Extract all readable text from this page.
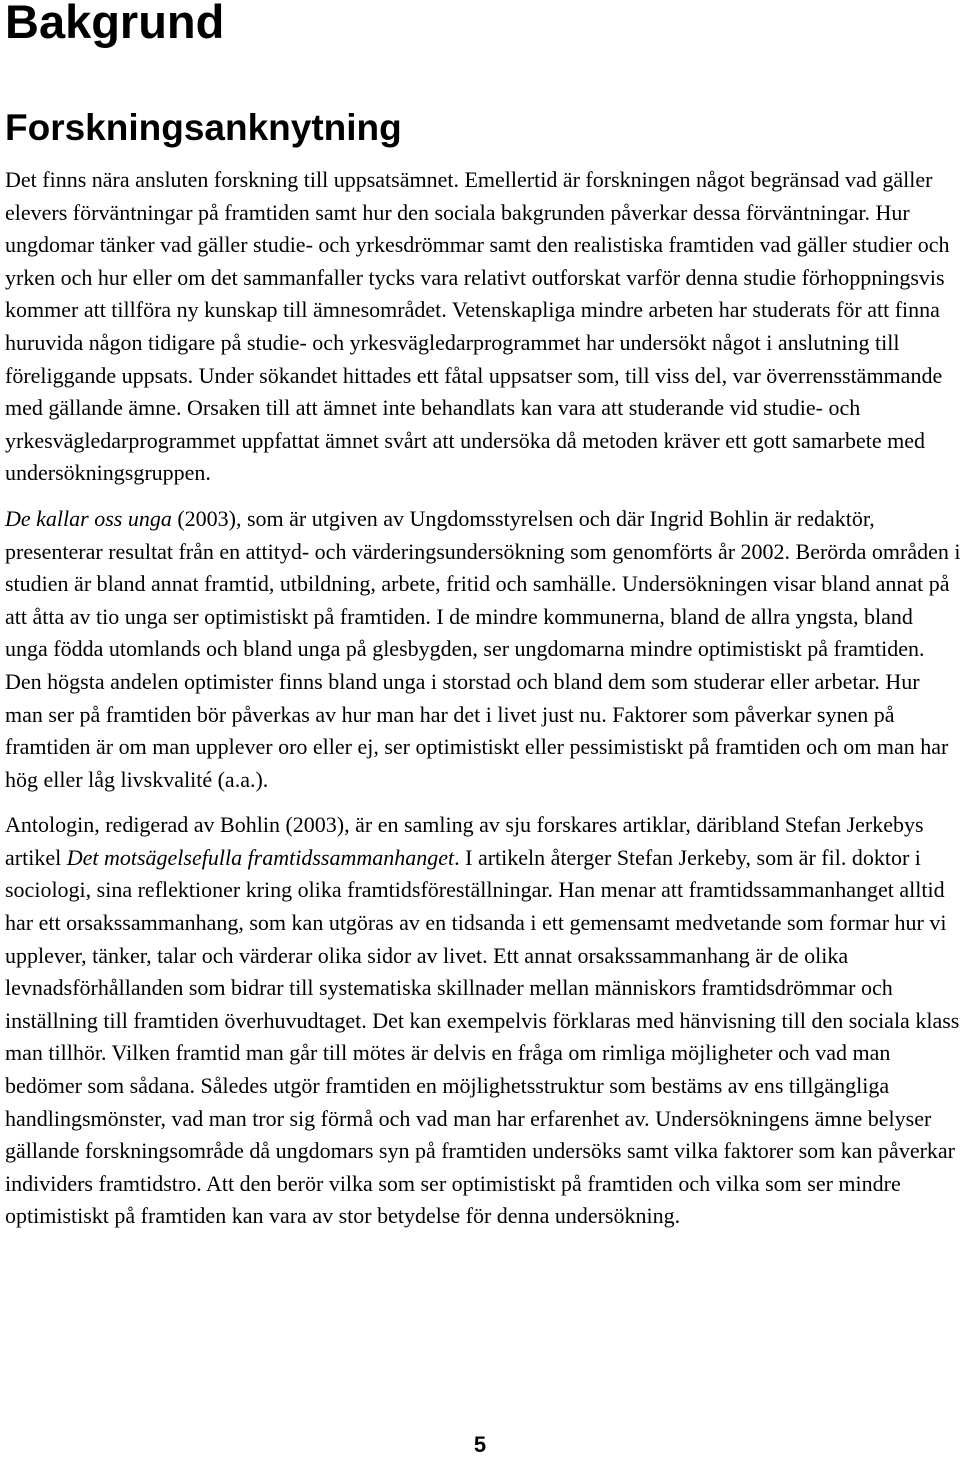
Bakgrund
Forskningsanknytning

Det finns nära ansluten forskning till uppsatsämnet. Emellertid är forskningen något begränsad vad gäller elevers förväntningar på framtiden samt hur den sociala bakgrunden påverkar dessa förväntningar. Hur ungdomar tänker vad gäller studie- och yrkesdrömmar samt den realistiska framtiden vad gäller studier och yrken och hur eller om det sammanfaller tycks vara relativt outforskat varför denna studie förhoppningsvis kommer att tillföra ny kunskap till ämnesområdet. Vetenskapliga mindre arbeten har studerats för att finna huruvida någon tidigare på studie- och yrkesvägledarprogrammet har undersökt något i anslutning till föreliggande uppsats. Under sökandet hittades ett fåtal uppsatser som, till viss del, var överrensstämmande med gällande ämne. Orsaken till att ämnet inte behandlats kan vara att studerande vid studie- och yrkesvägledarprogrammet uppfattat ämnet svårt att undersöka då metoden kräver ett gott samarbete med undersökningsgruppen.

De kallar oss unga (2003), som är utgiven av Ungdomsstyrelsen och där Ingrid Bohlin är redaktör, presenterar resultat från en attityd- och värderingsundersökning som genomförts år 2002. Berörda områden i studien är bland annat framtid, utbildning, arbete, fritid och samhälle. Undersökningen visar bland annat på att åtta av tio unga ser optimistiskt på framtiden. I de mindre kommunerna, bland de allra yngsta, bland unga födda utomlands och bland unga på glesbygden, ser ungdomarna mindre optimistiskt på framtiden. Den högsta andelen optimister finns bland unga i storstad och bland dem som studerar eller arbetar. Hur man ser på framtiden bör påverkas av hur man har det i livet just nu. Faktorer som påverkar synen på framtiden är om man upplever oro eller ej, ser optimistiskt eller pessimistiskt på framtiden och om man har hög eller låg livskvalité (a.a.).

Antologin, redigerad av Bohlin (2003), är en samling av sju forskares artiklar, däribland Stefan Jerkebys artikel Det motsägelsefulla framtidssammanhanget. I artikeln återger Stefan Jerkeby, som är fil. doktor i sociologi, sina reflektioner kring olika framtidsföreställningar. Han menar att framtidssammanhanget alltid har ett orsakssammanhang, som kan utgöras av en tidsanda i ett gemensamt medvetande som formar hur vi upplever, tänker, talar och värderar olika sidor av livet. Ett annat orsakssammanhang är de olika levnadsförhållanden som bidrar till systematiska skillnader mellan människors framtidsdrömmar och inställning till framtiden överhuvudtaget. Det kan exempelvis förklaras med hänvisning till den sociala klass man tillhör. Vilken framtid man går till mötes är delvis en fråga om rimliga möjligheter och vad man bedömer som sådana. Således utgör framtiden en möjlighetsstruktur som bestäms av ens tillgängliga handlingsmönster, vad man tror sig förmå och vad man har erfarenhet av. Undersökningens ämne belyser gällande forskningsområde då ungdomars syn på framtiden undersöks samt vilka faktorer som kan påverkar individers framtidstro. Att den berör vilka som ser optimistiskt på framtiden och vilka som ser mindre optimistiskt på framtiden kan vara av stor betydelse för denna undersökning.

5
